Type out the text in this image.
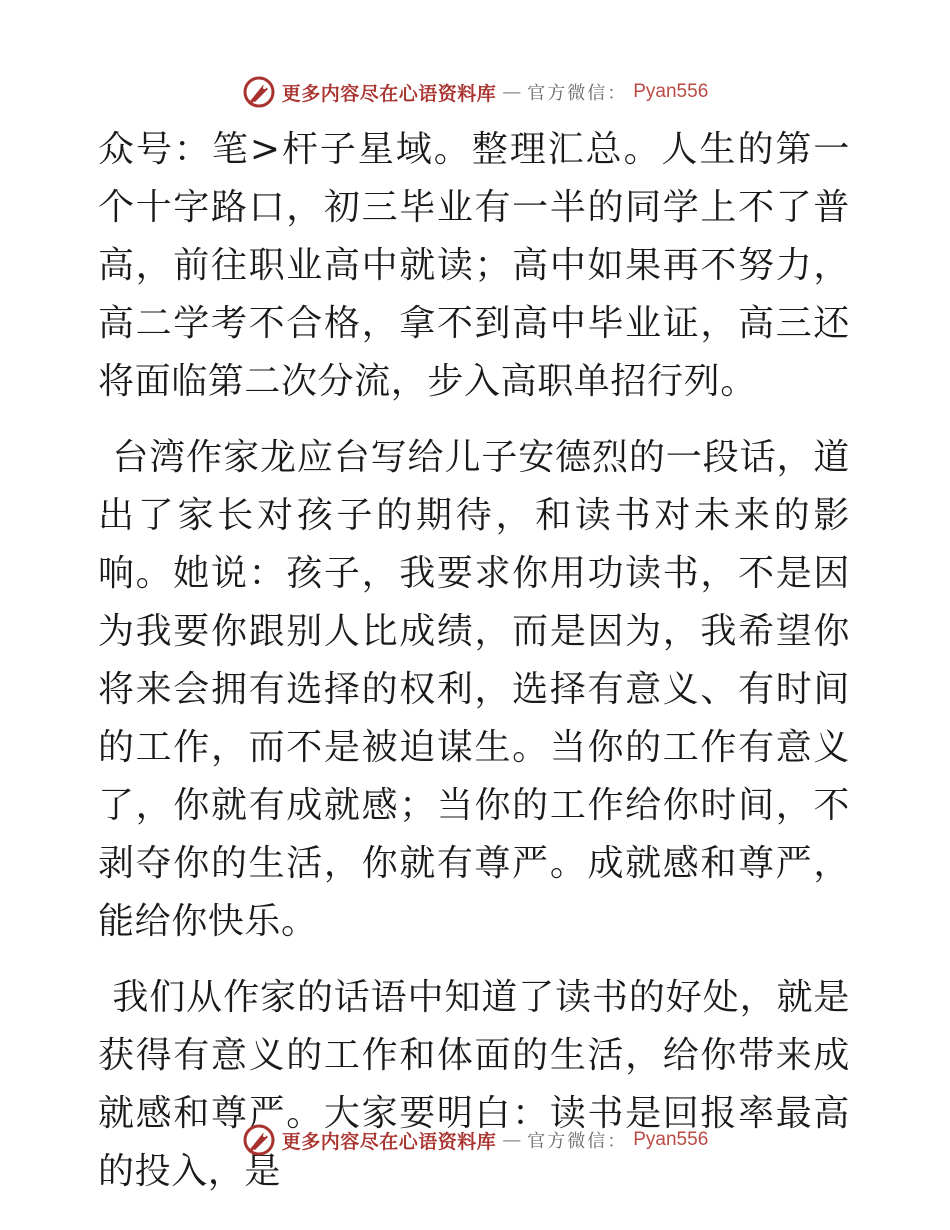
更多内容尽在心语资料库 — 官方微信： Pyan556

众号：笔>杆子星域。整理汇总。人生的第一个十字路口，初三毕业有一半的同学上不了普高，前往职业高中就读；高中如果再不努力，高二学考不合格，拿不到高中毕业证，高三还将面临第二次分流，步入高职单招行列。

台湾作家龙应台写给儿子安德烈的一段话，道出了家长对孩子的期待，和读书对未来的影响。她说：孩子，我要求你用功读书，不是因为我要你跟别人比成绩，而是因为，我希望你将来会拥有选择的权利，选择有意义、有时间的工作，而不是被迫谋生。当你的工作有意义了，你就有成就感；当你的工作给你时间，不剥夺你的生活，你就有尊严。成就感和尊严，能给你快乐。

我们从作家的话语中知道了读书的好处，就是获得有意义的工作和体面的生活，给你带来成就感和尊严。大家要明白：读书是回报率最高的投入，是

更多内容尽在心语资料库 — 官方微信： Pyan556
